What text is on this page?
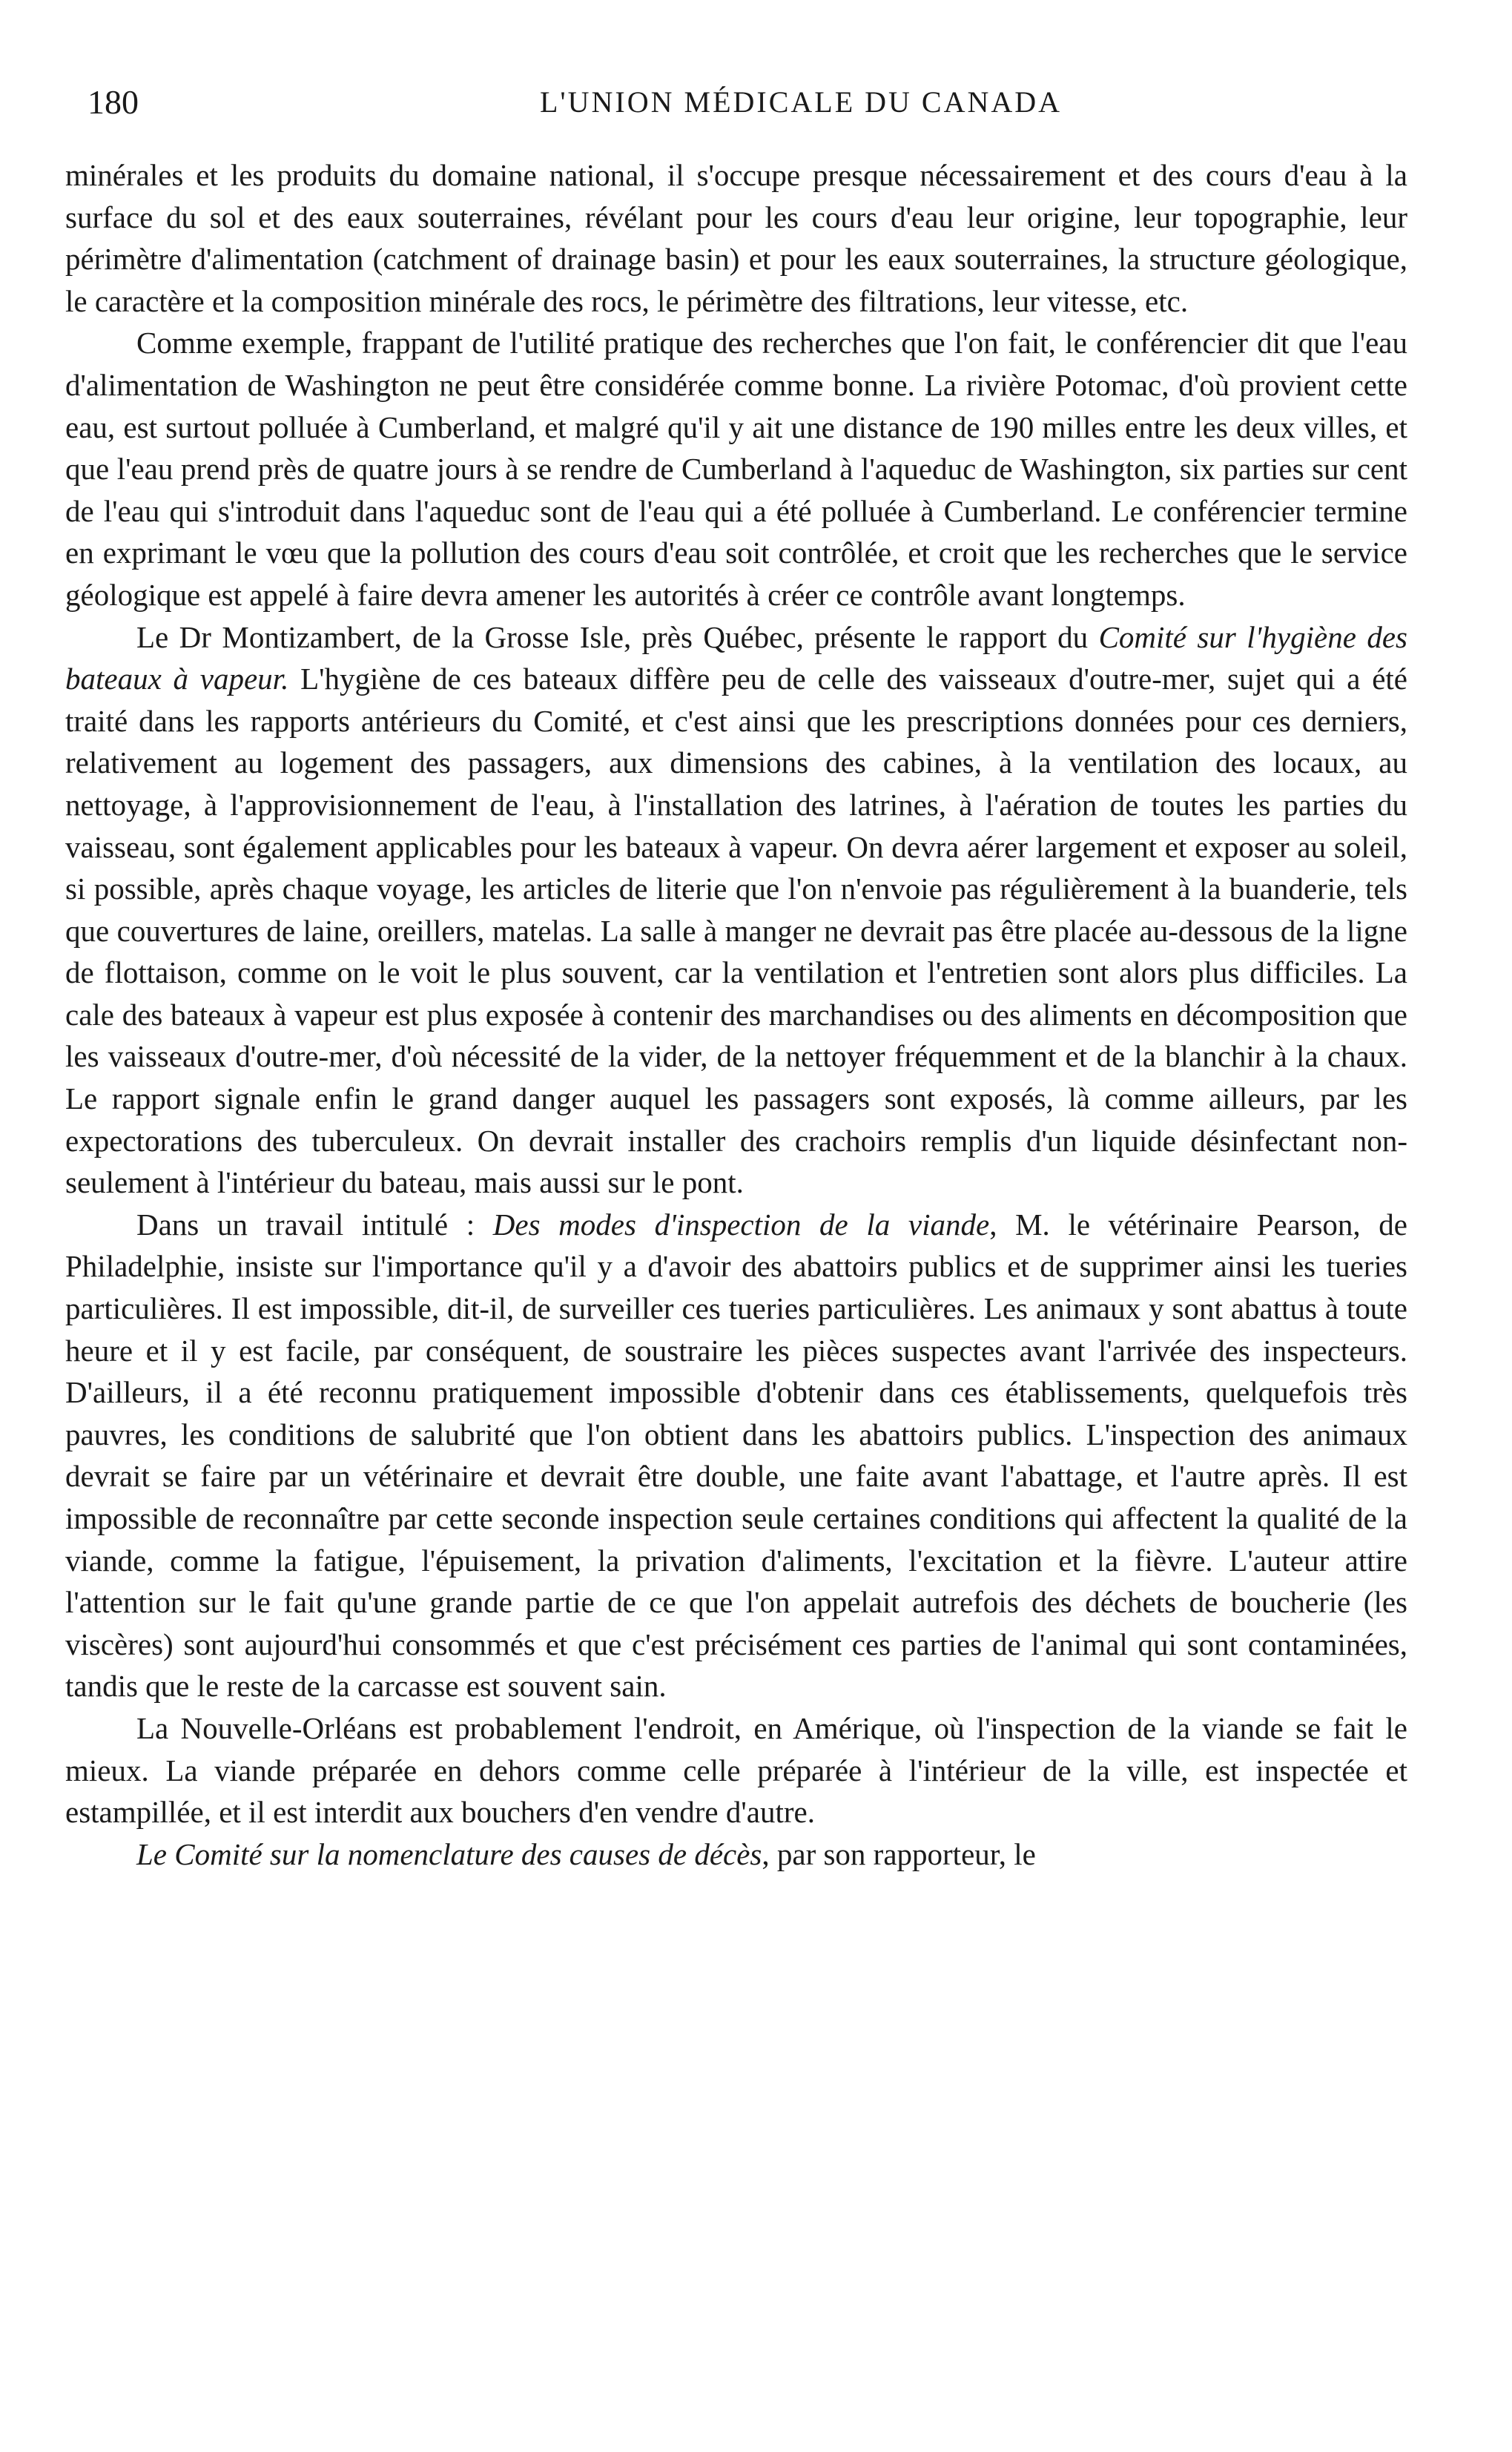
180	L'UNION MÉDICALE DU CANADA

minérales et les produits du domaine national, il s'occupe presque nécessairement et des cours d'eau à la surface du sol et des eaux souterraines, révélant pour les cours d'eau leur origine, leur topographie, leur périmètre d'alimentation (catchment of drainage basin) et pour les eaux souterraines, la structure géologique, le caractère et la composition minérale des rocs, le périmètre des filtrations, leur vitesse, etc.

Comme exemple, frappant de l'utilité pratique des recherches que l'on fait, le conférencier dit que l'eau d'alimentation de Washington ne peut être considérée comme bonne. La rivière Potomac, d'où provient cette eau, est surtout polluée à Cumberland, et malgré qu'il y ait une distance de 190 milles entre les deux villes, et que l'eau prend près de quatre jours à se rendre de Cumberland à l'aqueduc de Washington, six parties sur cent de l'eau qui s'introduit dans l'aqueduc sont de l'eau qui a été polluée à Cumberland. Le conférencier termine en exprimant le vœu que la pollution des cours d'eau soit contrôlée, et croit que les recherches que le service géologique est appelé à faire devra amener les autorités à créer ce contrôle avant longtemps.

Le Dr Montizambert, de la Grosse Isle, près Québec, présente le rapport du Comité sur l'hygiène des bateaux à vapeur. L'hygiène de ces bateaux diffère peu de celle des vaisseaux d'outre-mer, sujet qui a été traité dans les rapports antérieurs du Comité, et c'est ainsi que les prescriptions données pour ces derniers, relativement au logement des passagers, aux dimensions des cabines, à la ventilation des locaux, au nettoyage, à l'approvisionnement de l'eau, à l'installation des latrines, à l'aération de toutes les parties du vaisseau, sont également applicables pour les bateaux à vapeur. On devra aérer largement et exposer au soleil, si possible, après chaque voyage, les articles de literie que l'on n'envoie pas régulièrement à la buanderie, tels que couvertures de laine, oreillers, matelas. La salle à manger ne devrait pas être placée au-dessous de la ligne de flottaison, comme on le voit le plus souvent, car la ventilation et l'entretien sont alors plus difficiles. La cale des bateaux à vapeur est plus exposée à contenir des marchandises ou des aliments en décomposition que les vaisseaux d'outre-mer, d'où nécessité de la vider, de la nettoyer fréquemment et de la blanchir à la chaux. Le rapport signale enfin le grand danger auquel les passagers sont exposés, là comme ailleurs, par les expectorations des tuberculeux. On devrait installer des crachoirs remplis d'un liquide désinfectant non-seulement à l'intérieur du bateau, mais aussi sur le pont.

Dans un travail intitulé : Des modes d'inspection de la viande, M. le vétérinaire Pearson, de Philadelphie, insiste sur l'importance qu'il y a d'avoir des abattoirs publics et de supprimer ainsi les tueries particulières. Il est impossible, dit-il, de surveiller ces tueries particulières. Les animaux y sont abattus à toute heure et il y est facile, par conséquent, de soustraire les pièces suspectes avant l'arrivée des inspecteurs. D'ailleurs, il a été reconnu pratiquement impossible d'obtenir dans ces établissements, quelquefois très pauvres, les conditions de salubrité que l'on obtient dans les abattoirs publics. L'inspection des animaux devrait se faire par un vétérinaire et devrait être double, une faite avant l'abattage, et l'autre après. Il est impossible de reconnaître par cette seconde inspection seule certaines conditions qui affectent la qualité de la viande, comme la fatigue, l'épuisement, la privation d'aliments, l'excitation et la fièvre. L'auteur attire l'attention sur le fait qu'une grande partie de ce que l'on appelait autrefois des déchets de boucherie (les viscères) sont aujourd'hui consommés et que c'est précisément ces parties de l'animal qui sont contaminées, tandis que le reste de la carcasse est souvent sain.

La Nouvelle-Orléans est probablement l'endroit, en Amérique, où l'inspection de la viande se fait le mieux. La viande préparée en dehors comme celle préparée à l'intérieur de la ville, est inspectée et estampillée, et il est interdit aux bouchers d'en vendre d'autre.

Le Comité sur la nomenclature des causes de décès, par son rapporteur, le
